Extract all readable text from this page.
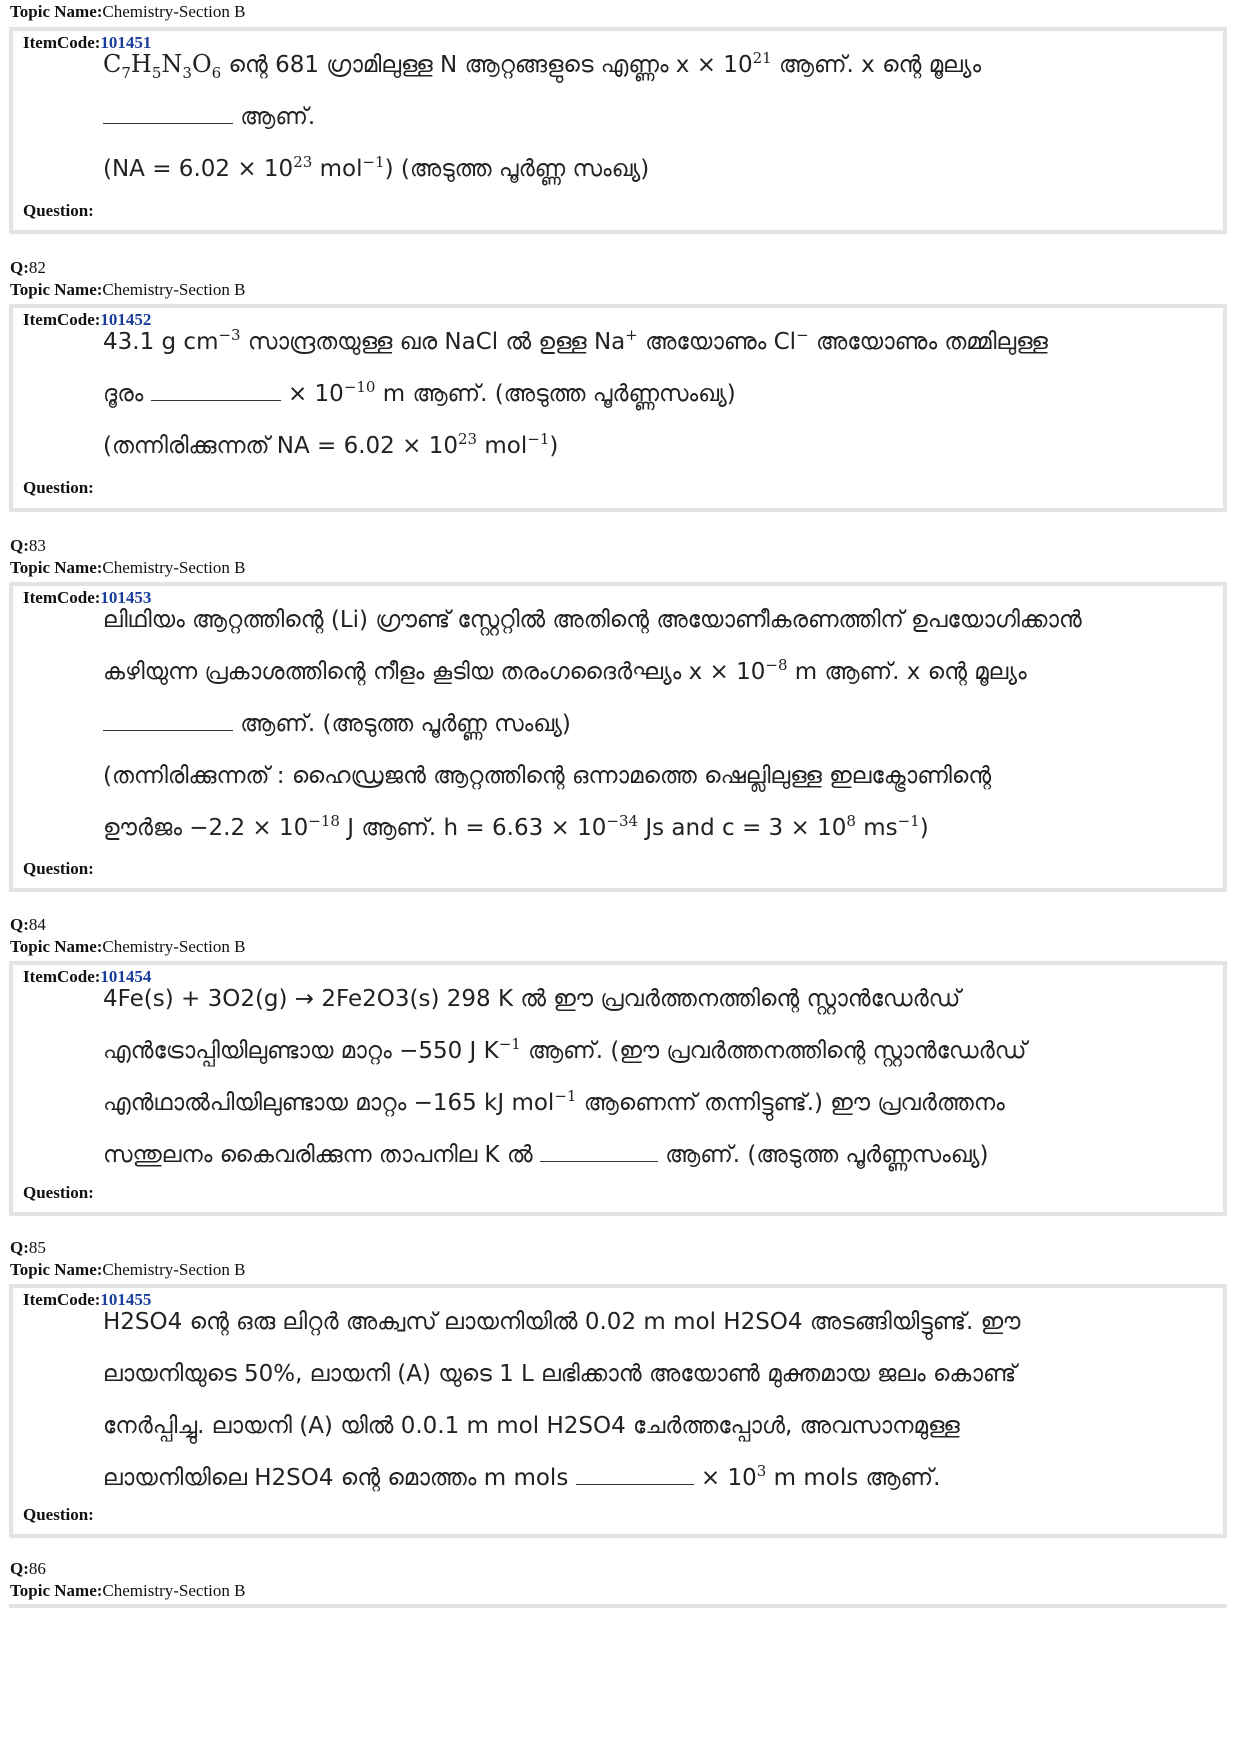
Topic Name:Chemistry-Section B
ItemCode:101451

$C_7H_5N_3O_6$ ന്റെ 681 ഗ്രാമിലുള്ള N ആറ്റങ്ങളുടെ എണ്ണം $x \times 10^{21}$ ആണ്. x ന്റെ മൂല്യം

ആണ്.

($NA = 6.02 \times 10^{23}$ mol$^{-1}$) (അടുത്ത പൂർണ്ണ സംഖ്യ)

Question:
Q:82
Topic Name:Chemistry-Section B
ItemCode:101452

43.1 g $cm^{-3}$ സാന്ദ്രതയുള്ള ഖര NaCl ൽ ഉള്ള Na+ അയോണും Cl− അയോണും തമ്മിലുള്ള

ദൂരം	× $10^{-10}$ m ആണ്. (അടുത്ത പൂർണ്ണസംഖ്യ)

(തന്നിരിക്കുന്നത് NA = $6.02 \times 10^{23}$ mol$^{-1}$)

Question:
Q:83
Topic Name:Chemistry-Section B
ItemCode:101453

ലിഥിയം ആറ്റത്തിന്റെ (Li) ഗ്രൗണ്ട് സ്റ്റേറ്റിൽ അതിന്റെ അയോണീകരണത്തിന് ഉപയോഗിക്കാൻ

കഴിയുന്ന പ്രകാശത്തിന്റെ നീളം കൂടിയ തരംഗദൈർഘ്യം $x \times 10^{-8}$ m ആണ്. x ന്റെ മൂല്യം

ആണ്. (അടുത്ത പൂർണ്ണ സംഖ്യ)

(തന്നിരിക്കുന്നത് : ഹൈഡ്രജൻ ആറ്റത്തിന്റെ ഒന്നാമത്തെ ഷെല്ലിലുള്ള ഇലക്ട്രോണിന്റെ

ഊർജം $-2.2 \times 10^{-18}$ J ആണ്. $h = 6.63 \times 10^{-34}$ Js and $c = 3 \times 10^8$ $ms^{-1}$)

Question:
Q:84
Topic Name:Chemistry-Section B
ItemCode:101454

4Fe(s) + 3O2(g) → 2Fe2O3(s) 298 K ൽ ഈ പ്രവർത്തനത്തിന്റെ സ്റ്റാൻഡേർഡ്

എൻട്രോപ്പിയിലുണ്ടായ മാറ്റം −550 J $K^{-1}$ ആണ്. (ഈ പ്രവർത്തനത്തിന്റെ സ്റ്റാൻഡേർഡ്

എൻഥാൽപിയിലുണ്ടായ മാറ്റം −165 kJ mol$^{-1}$ ആണെന്ന് തന്നിട്ടുണ്ട്.) ഈ പ്രവർത്തനം

സന്തുലനം കൈവരിക്കുന്ന താപനില K ൽ	ആണ്. (അടുത്ത പൂർണ്ണസംഖ്യ)

Question:
Q:85
Topic Name:Chemistry-Section B
ItemCode:101455

H2SO4 ന്റെ ഒരു ലിറ്റർ അക്വസ് ലായനിയിൽ 0.02 m mol H2SO4 അടങ്ങിയിട്ടുണ്ട്. ഈ

ലായനിയുടെ 50%, ലായനി (A) യുടെ 1 L ലഭിക്കാൻ അയോൺ മുക്തമായ ജലം കൊണ്ട്

നേർപ്പിച്ചു. ലായനി (A) യിൽ 0.0.1 m mol H2SO4 ചേർത്തപ്പോൾ, അവസാനമുള്ള

ലായനിയിലെ H2SO4 ന്റെ മൊത്തം m mols	× $10^3$ m mols ആണ്.

Question:
Q:86
Topic Name:Chemistry-Section B
